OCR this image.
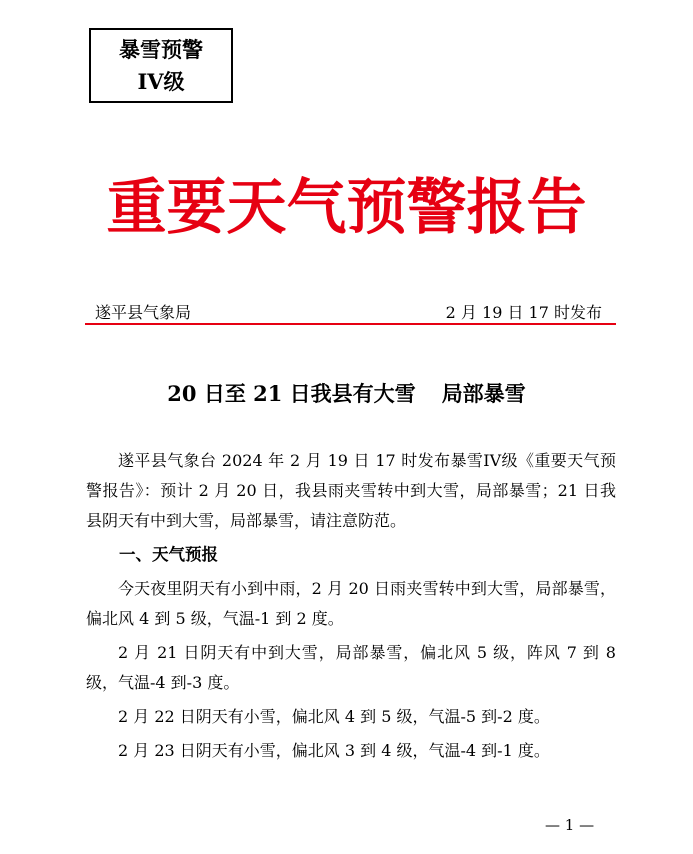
暴雪预警
IV级
重要天气预警报告
遂平县气象局	2 月 19 日 17 时发布
20 日至 21 日我县有大雪 局部暴雪

遂平县气象台 2024 年 2 月 19 日 17 时发布暴雪IV级《重要天气预警报告》：预计 2 月 20 日，我县雨夹雪转中到大雪，局部暴雪；21 日我县阴天有中到大雪，局部暴雪，请注意防范。

一、天气预报

今天夜里阴天有小到中雨，2 月 20 日雨夹雪转中到大雪，局部暴雪，偏北风 4 到 5 级，气温-1 到 2 度。

2 月 21 日阴天有中到大雪，局部暴雪，偏北风 5 级，阵风 7 到 8 级，气温-4 到-3 度。

2 月 22 日阴天有小雪，偏北风 4 到 5 级，气温-5 到-2 度。

2 月 23 日阴天有小雪，偏北风 3 到 4 级，气温-4 到-1 度。

— 1 —
